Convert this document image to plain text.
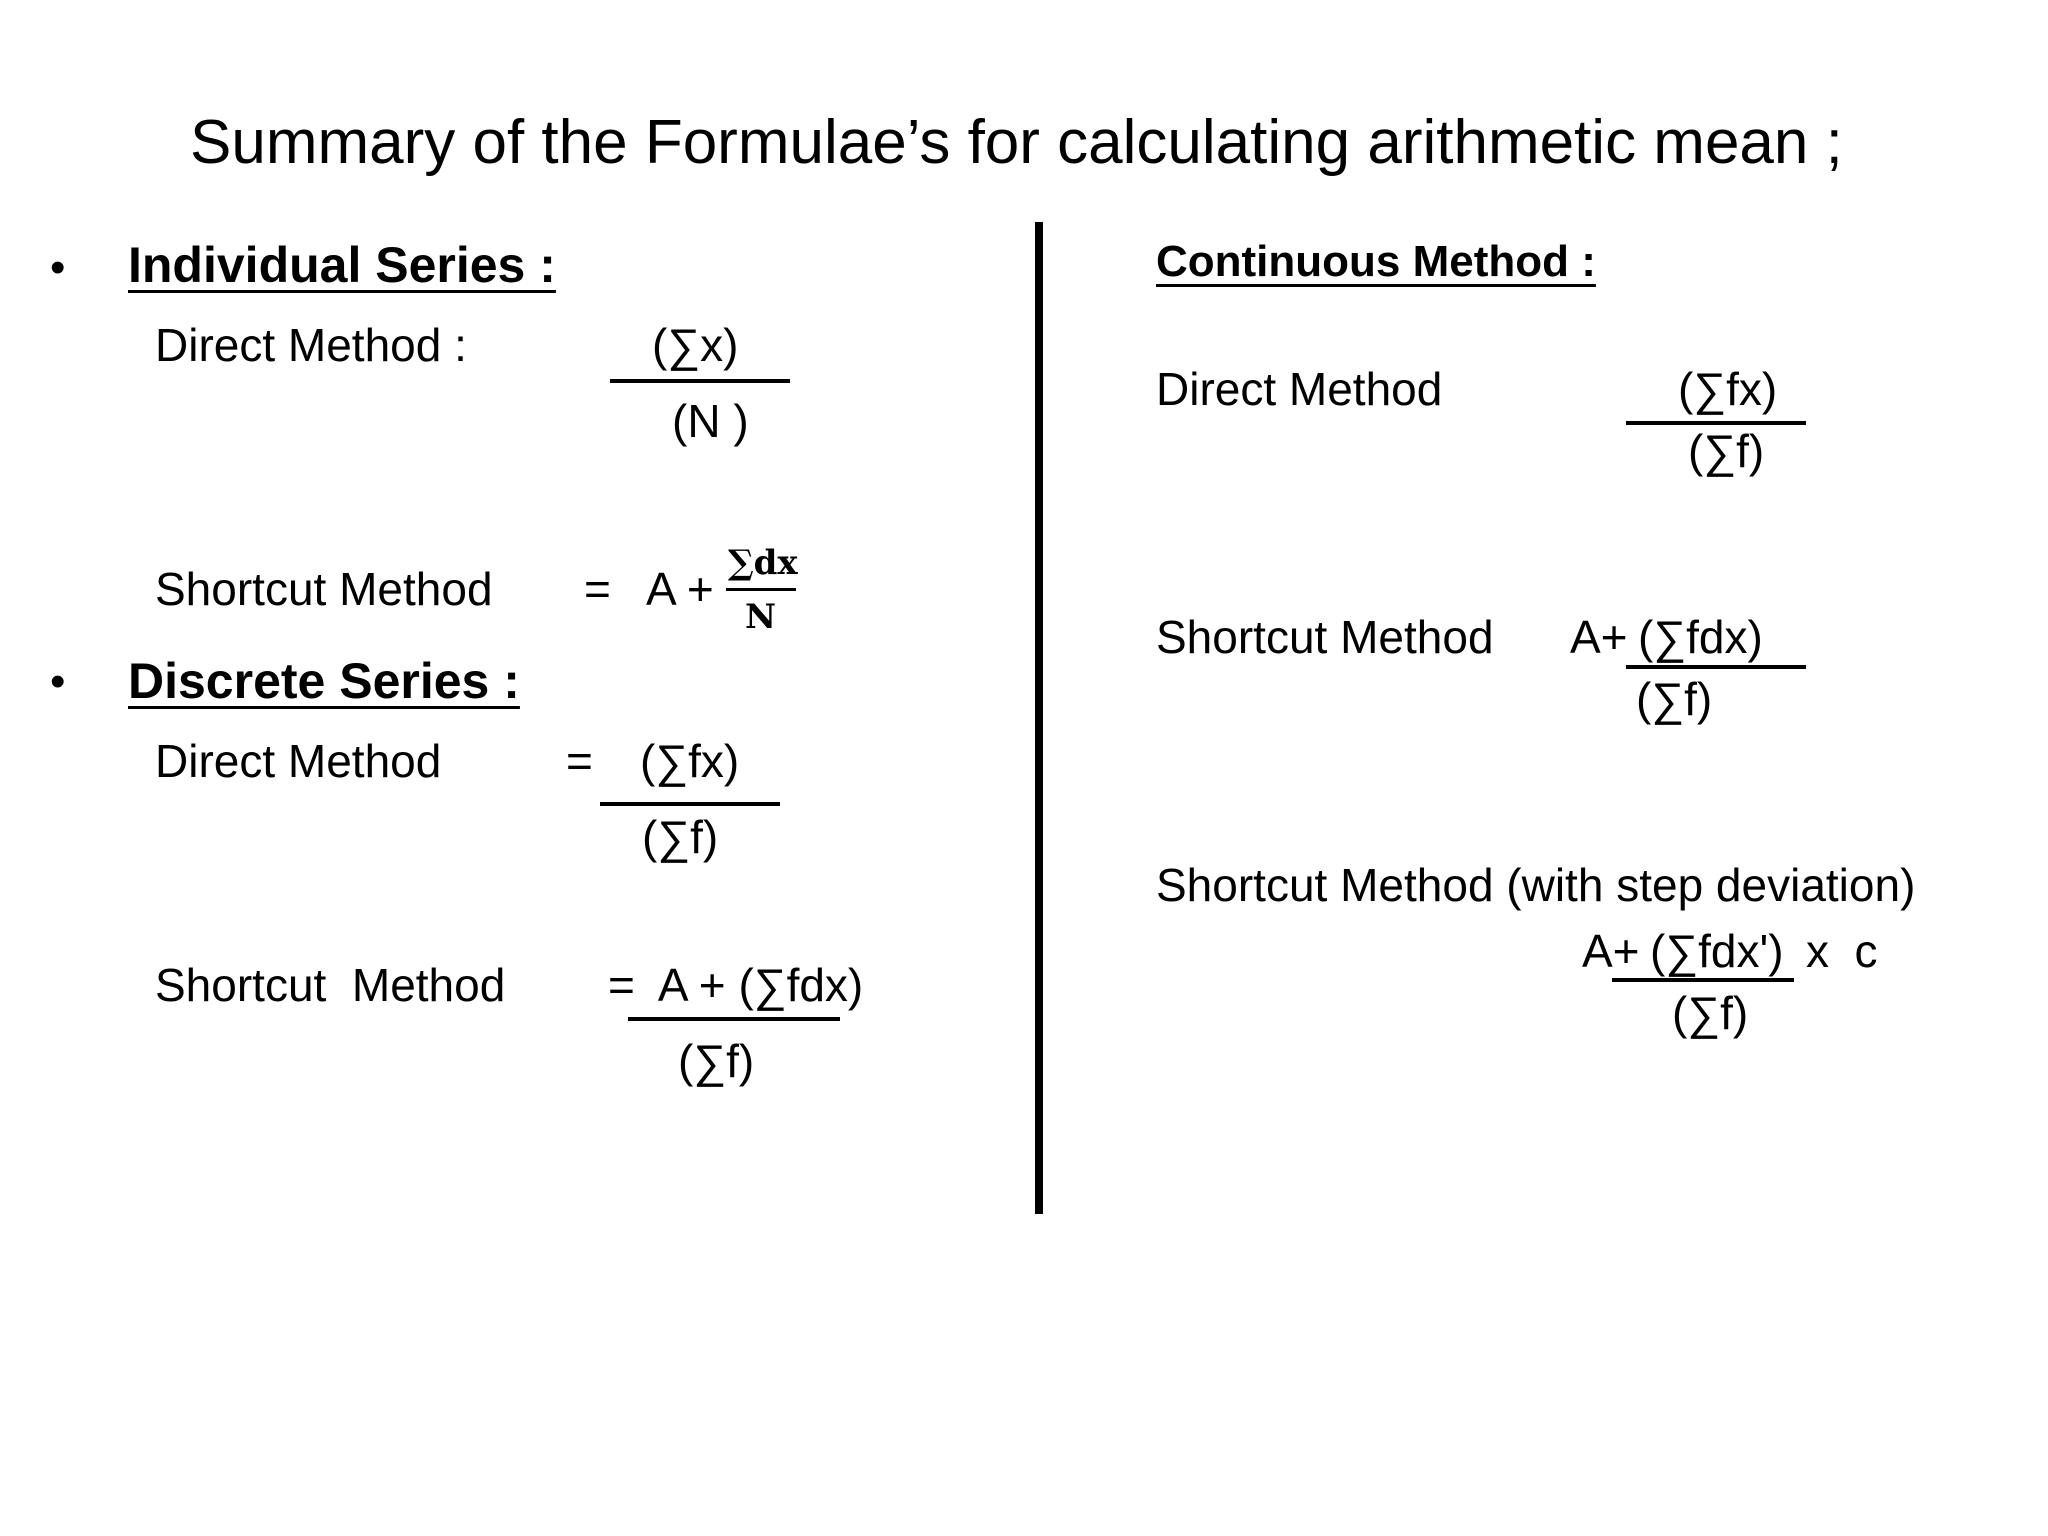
Summary of the Formulae’s for calculating arithmetic mean ;
• Individual Series :
Direct Method :	(∑x)
(N )
Shortcut Method = A + ∑dx
N
• Discrete Series :
Direct Method	= (∑fx)
(∑f)
Shortcut  Method =  A + (∑fdx)
(∑f)
Continuous Method :
Direct Method	(∑fx)
(∑f)
Shortcut Method A+ (∑fdx)
(∑f)
Shortcut Method (with step deviation)
A+ (∑fdx') x  c
(∑f)
